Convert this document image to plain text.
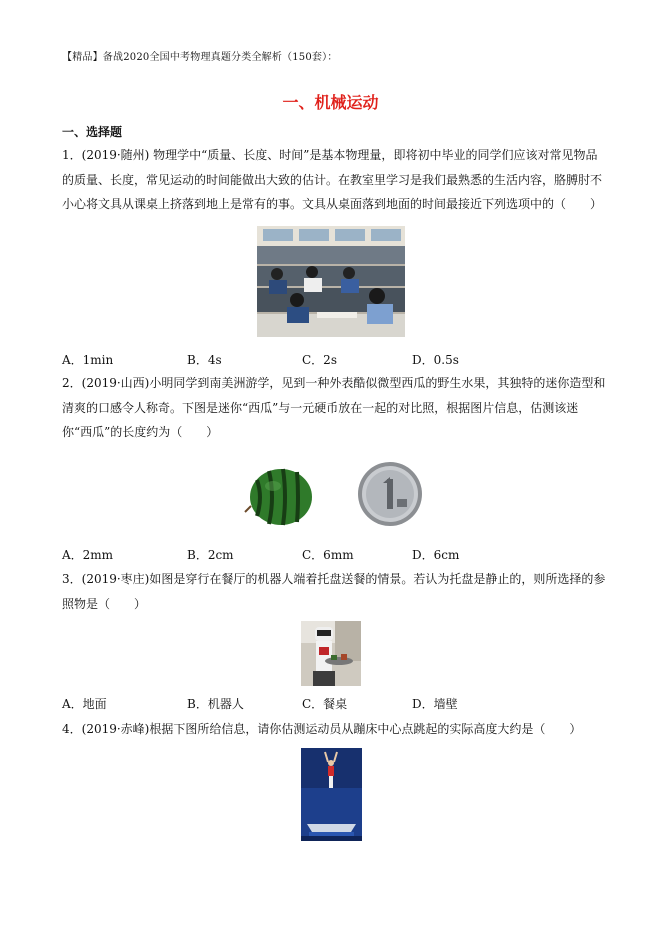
【精品】备战2020全国中考物理真题分类全解析（150套）：
一、机械运动
一、选择题
1．(2019·随州) 物理学中“质量、长度、时间”是基本物理量，即将初中毕业的同学们应该对常见物品的质量、长度，常见运动的时间能做出大致的估计。在教室里学习是我们最熟悉的生活内容，胳膊肘不小心将文具从课桌上挤落到地上是常有的事。文具从桌面落到地面的时间最接近下列选项中的（　　）
A．1min	B．4s	C．2s	D．0.5s
2．(2019·山西)小明同学到南美洲游学，见到一种外表酷似微型西瓜的野生水果，其独特的迷你造型和清爽的口感令人称奇。下图是迷你“西瓜”与一元硬币放在一起的对比照，根据图片信息，估测该迷你“西瓜”的长度约为（　　）
A．2mm	B．2cm	C．6mm	D．6cm
3．(2019·枣庄)如图是穿行在餐厅的机器人端着托盘送餐的情景。若认为托盘是静止的，则所选择的参照物是（　　）
A．地面	B．机器人	C．餐桌	D．墙壁
4．(2019·赤峰)根据下图所给信息，请你估测运动员从蹦床中心点跳起的实际高度大约是（　　）
